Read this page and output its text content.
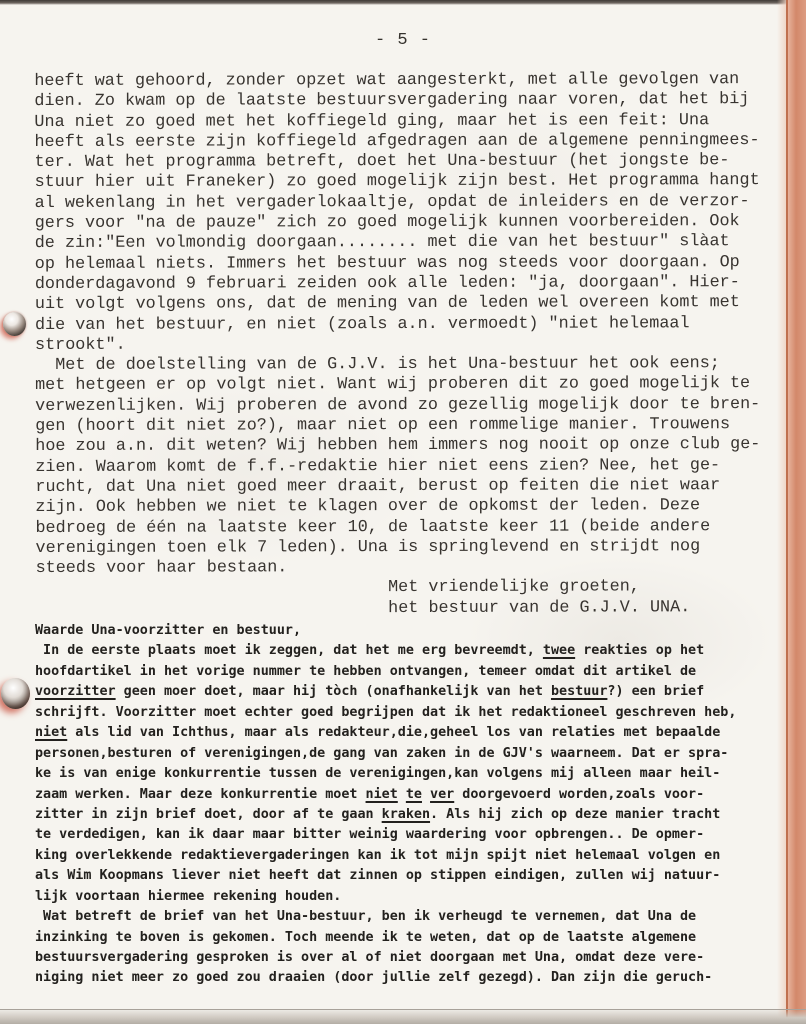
- 5 -
heeft wat gehoord, zonder opzet wat aangesterkt, met alle gevolgen van
dien. Zo kwam op de laatste bestuursvergadering naar voren, dat het bij
Una niet zo goed met het koffiegeld ging, maar het is een feit: Una
heeft als eerste zijn koffiegeld afgedragen aan de algemene penningmees-
ter. Wat het programma betreft, doet het Una-bestuur (het jongste be-
stuur hier uit Franeker) zo goed mogelijk zijn best. Het programma hangt
al wekenlang in het vergaderlokaaltje, opdat de inleiders en de verzor-
gers voor "na de pauze" zich zo goed mogelijk kunnen voorbereiden. Ook
de zin:"Een volmondig doorgaan........ met die van het bestuur" slàat
op helemaal niets. Immers het bestuur was nog steeds voor doorgaan. Op
donderdagavond 9 februari zeiden ook alle leden: "ja, doorgaan". Hier-
uit volgt volgens ons, dat de mening van de leden wel overeen komt met
die van het bestuur, en niet (zoals a.n. vermoedt) "niet helemaal
strookt".
Met de doelstelling van de G.J.V. is het Una-bestuur het ook eens;
met hetgeen er op volgt niet. Want wij proberen dit zo goed mogelijk te
verwezenlijken. Wij proberen de avond zo gezellig mogelijk door te bren-
gen (hoort dit niet zo?), maar niet op een rommelige manier. Trouwens
hoe zou a.n. dit weten? Wij hebben hem immers nog nooit op onze club ge-
zien. Waarom komt de f.f.-redaktie hier niet eens zien? Nee, het ge-
rucht, dat Una niet goed meer draait, berust op feiten die niet waar
zijn. Ook hebben we niet te klagen over de opkomst der leden. Deze
bedroeg de één na laatste keer 10, de laatste keer 11 (beide andere
verenigingen toen elk 7 leden). Una is springlevend en strijdt nog
steeds voor haar bestaan.
Met vriendelijke groeten,
het bestuur van de G.J.V. UNA.
Waarde Una-voorzitter en bestuur,
In de eerste plaats moet ik zeggen, dat het me erg bevreemdt, twee reakties op het
hoofdartikel in het vorige nummer te hebben ontvangen, temeer omdat dit artikel de
voorzitter geen moer doet, maar hij tòch (onafhankelijk van het bestuur?) een brief
schrijft. Voorzitter moet echter goed begrijpen dat ik het redaktioneel geschreven heb,
niet als lid van Ichthus, maar als redakteur,die,geheel los van relaties met bepaalde
personen,besturen of verenigingen,de gang van zaken in de GJV's waarneem. Dat er spra-
ke is van enige konkurrentie tussen de verenigingen,kan volgens mij alleen maar heil-
zaam werken. Maar deze konkurrentie moet niet te ver doorgevoerd worden,zoals voor-
zitter in zijn brief doet, door af te gaan kraken. Als hij zich op deze manier tracht
te verdedigen, kan ik daar maar bitter weinig waardering voor opbrengen.. De opmer-
king overlekkende redaktievergaderingen kan ik tot mijn spijt niet helemaal volgen en
als Wim Koopmans liever niet heeft dat zinnen op stippen eindigen, zullen wij natuur-
lijk voortaan hiermee rekening houden.
Wat betreft de brief van het Una-bestuur, ben ik verheugd te vernemen, dat Una de
inzinking te boven is gekomen. Toch meende ik te weten, dat op de laatste algemene
bestuursvergadering gesproken is over al of niet doorgaan met Una, omdat deze vere-
niging niet meer zo goed zou draaien (door jullie zelf gezegd). Dan zijn die geruch-
